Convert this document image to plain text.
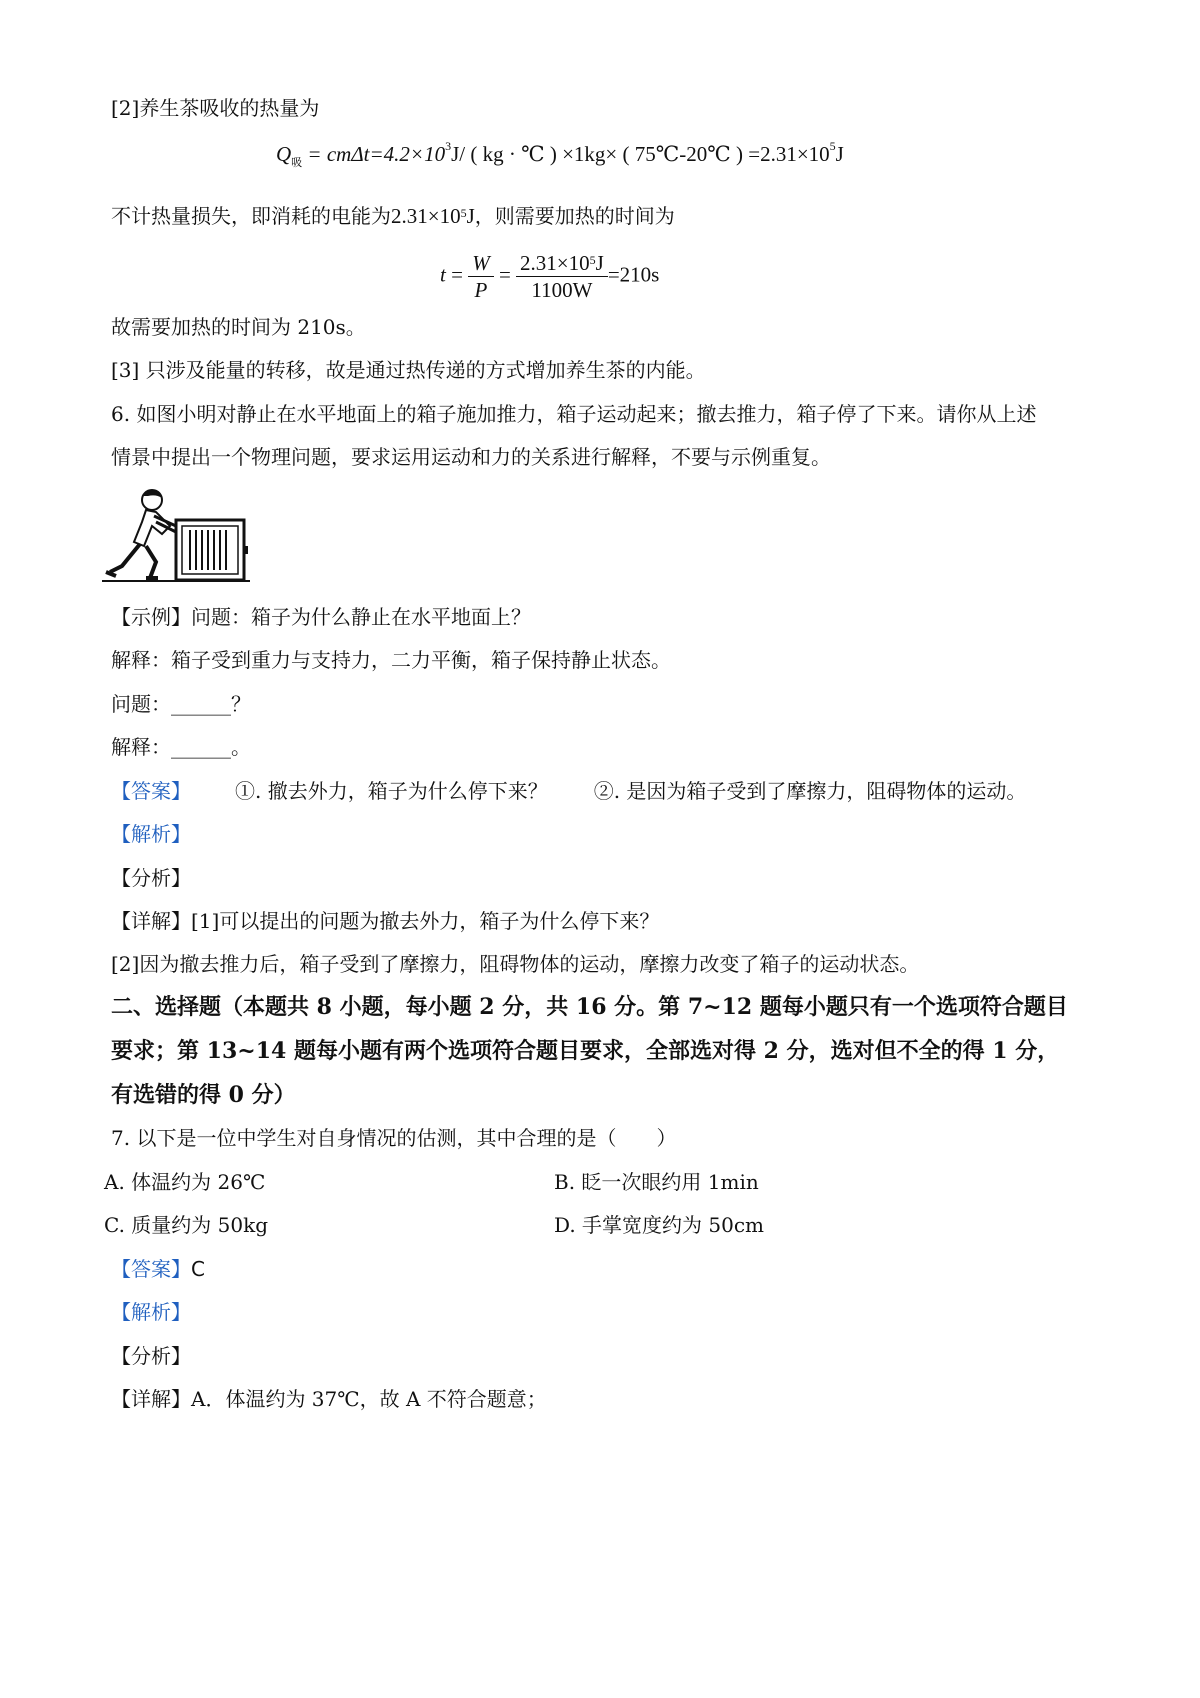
[2]养生茶吸收的热量为
$Q_吸 = cm\Delta t=4.2\times 10^3J/$ ( kg · ℃ ) ×1kg× ( 75℃-20℃ ) $=2.31\times 10^5J$
不计热量损失，即消耗的电能为$2.31\times 10^5J$，则需要加热的时间为
$t = \frac{W}{P} = \frac{2.31\times 10^5J}{1100W} =210s$
故需要加热的时间为 210s。
[3] 只涉及能量的转移，故是通过热传递的方式增加养生茶的内能。
6. 如图小明对静止在水平地面上的箱子施加推力，箱子运动起来；撤去推力，箱子停了下来。请你从上述
情景中提出一个物理问题，要求运用运动和力的关系进行解释，不要与示例重复。
【示例】问题：箱子为什么静止在水平地面上？
解释：箱子受到重力与支持力，二力平衡，箱子保持静止状态。
问题：______？
解释：______。
【答案】 ①. 撤去外力，箱子为什么停下来？ ②. 是因为箱子受到了摩擦力，阻碍物体的运动。
【解析】
【分析】
【详解】[1]可以提出的问题为撤去外力，箱子为什么停下来？
[2]因为撤去推力后，箱子受到了摩擦力，阻碍物体的运动，摩擦力改变了箱子的运动状态。
二、选择题（本题共 8 小题，每小题 2 分，共 16 分。第 7~12 题每小题只有一个选项符合题目
要求；第 13~14 题每小题有两个选项符合题目要求，全部选对得 2 分，选对但不全的得 1 分，
有选错的得 0 分）
7. 以下是一位中学生对自身情况的估测，其中合理的是（　　）
A. 体温约为 26℃	B. 眨一次眼约用 1min
C. 质量约为 50kg	D. 手掌宽度约为 50cm
【答案】C
【解析】
【分析】
【详解】A．体温约为 37℃，故 A 不符合题意；
